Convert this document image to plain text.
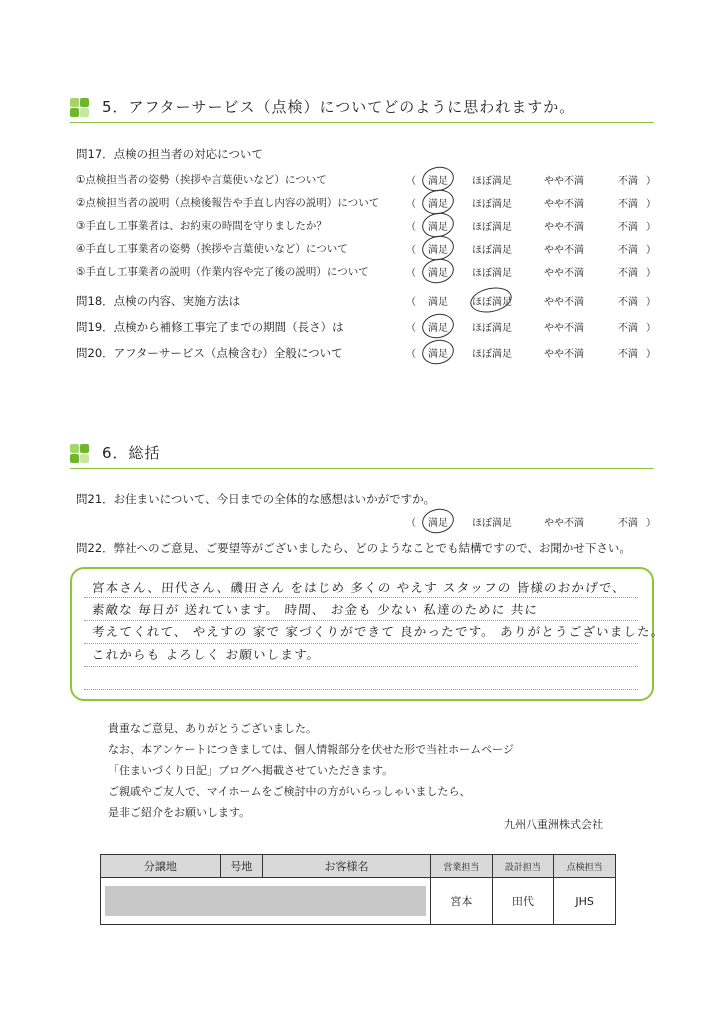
5．アフターサービス（点検）についてどのように思われますか。
問17．点検の担当者の対応について
①点検担当者の姿勢（挨拶や言葉使いなど）について	（ 満足 ほぼ満足	やや不満	不満 ）
②点検担当者の説明（点検後報告や手直し内容の説明）について	（ 満足 ほぼ満足	やや不満	不満 ）
③手直し工事業者は、お約束の時間を守りましたか？	（ 満足 ほぼ満足	やや不満	不満 ）
④手直し工事業者の姿勢（挨拶や言葉使いなど）について	（ 満足 ほぼ満足	やや不満	不満 ）
⑤手直し工事業者の説明（作業内容や完了後の説明）について	（ 満足 ほぼ満足	やや不満	不満 ）
問18．点検の内容、実施方法は	（ 満足 ほぼ満足	やや不満	不満 ）
問19．点検から補修工事完了までの期間（長さ）は	（ 満足 ほぼ満足	やや不満	不満 ）
問20．アフターサービス（点検含む）全般について	（ 満足 ほぼ満足	やや不満	不満 ）
6．総括
問21．お住まいについて、今日までの全体的な感想はいかがですか。
（ 満足 ほぼ満足	やや不満	不満 ）
問22．弊社へのご意見、ご要望等がございましたら、どのようなことでも結構ですので、お聞かせ下さい。
宮本さん、田代さん、磯田さん をはじめ 多くの やえす スタッフの 皆様のおかげで、
素敵な 毎日が 送れています。 時間、 お金も 少ない 私達のために 共に
考えてくれて、 やえすの 家で 家づくりができて 良かったです。 ありがとうございました。
これからも よろしく お願いします。
貴重なご意見、ありがとうございました。
なお、本アンケートにつきましては、個人情報部分を伏せた形で当社ホームページ
「住まいづくり日記」ブログへ掲載させていただきます。
ご親戚やご友人で、マイホームをご検討中の方がいらっしゃいましたら、
是非ご紹介をお願いします。
九州八重洲株式会社
分譲地	号地	お客様名	営業担当	設計担当	点検担当

			宮本	田代	JHS
